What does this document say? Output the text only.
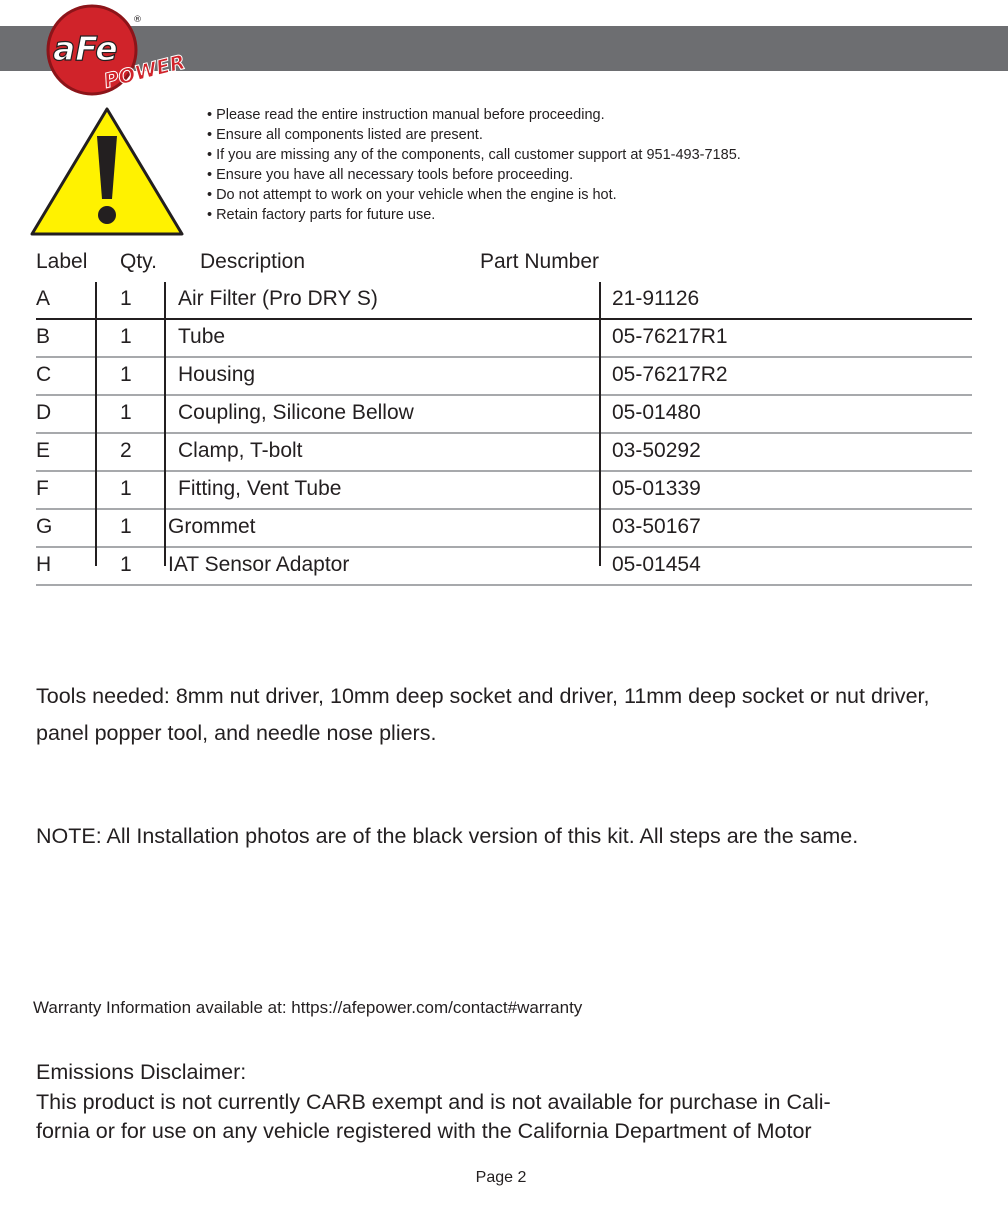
aFe
POWER
®
• Please read the entire instruction manual before proceeding.
• Ensure all components listed are present.
• If you are missing any of the components, call customer support at 951-493-7185.
• Ensure you have all necessary tools before proceeding.
• Do not attempt to work on your vehicle when the engine is hot.
• Retain factory parts for future use.
Label Qty. Description	Part Number
A	1 Air Filter (Pro DRY S)	21-91126
B	1 Tube	05-76217R1
C	1 Housing	05-76217R2
D	1 Coupling, Silicone Bellow	05-01480
E	2 Clamp, T-bolt	03-50292
F	1 Fitting, Vent Tube	05-01339
G	1 Grommet	03-50167
H	1 IAT Sensor Adaptor	05-01454

Tools needed: 8mm nut driver, 10mm deep socket and driver, 11mm deep socket or nut driver, panel popper tool, and needle nose pliers.

NOTE: All Installation photos are of the black version of this kit. All steps are the same.

Warranty Information available at: https://afepower.com/contact#warranty

Emissions Disclaimer:
This product is not currently CARB exempt and is not available for purchase in Cali-
fornia or for use on any vehicle registered with the California Department of Motor
Page 2
